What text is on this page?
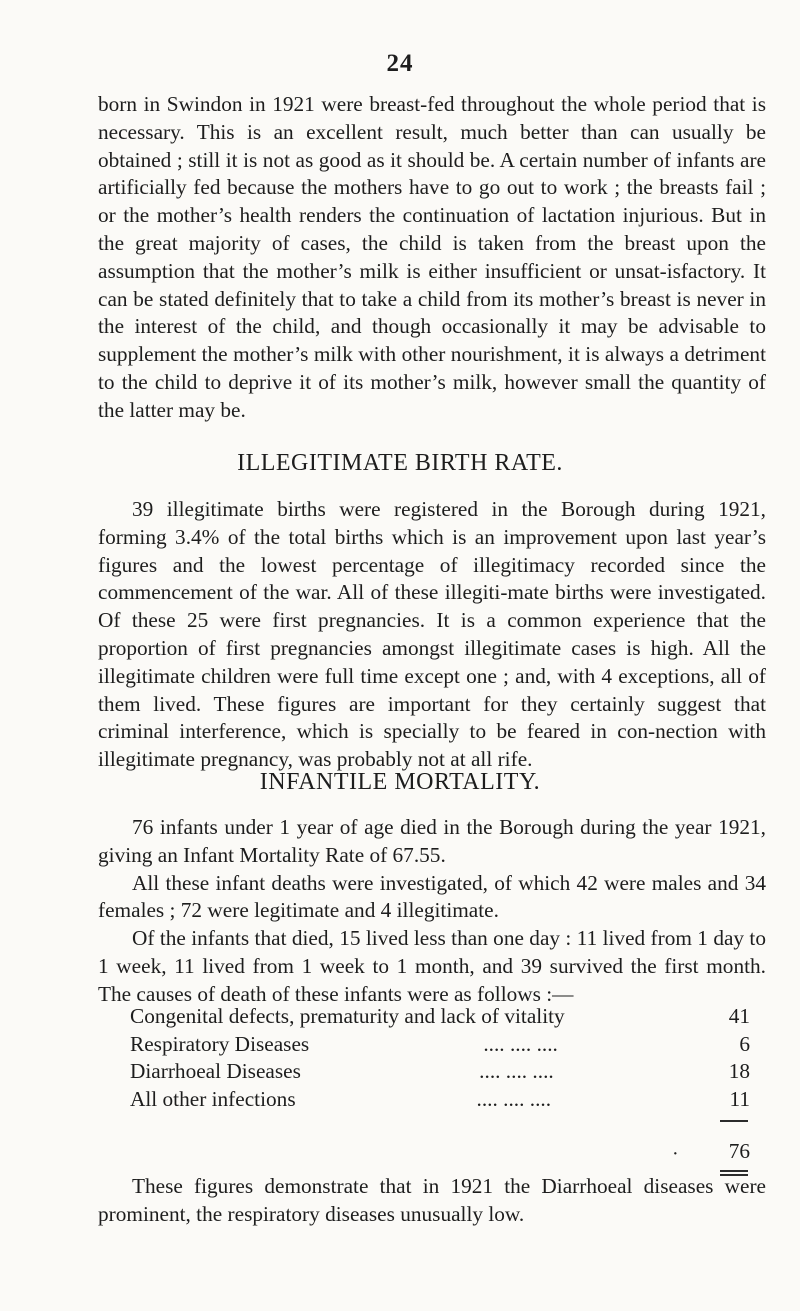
24

born in Swindon in 1921 were breast-fed throughout the whole period that is necessary. This is an excellent result, much better than can usually be obtained ; still it is not as good as it should be. A certain number of infants are artificially fed because the mothers have to go out to work ; the breasts fail ; or the mother’s health renders the continuation of lactation injurious. But in the great majority of cases, the child is taken from the breast upon the assumption that the mother’s milk is either insufficient or unsat-isfactory. It can be stated definitely that to take a child from its mother’s breast is never in the interest of the child, and though occasionally it may be advisable to supplement the mother’s milk with other nourishment, it is always a detriment to the child to deprive it of its mother’s milk, however small the quantity of the latter may be.

ILLEGITIMATE BIRTH RATE.

39 illegitimate births were registered in the Borough during 1921, forming 3.4% of the total births which is an improvement upon last year’s figures and the lowest percentage of illegitimacy recorded since the commencement of the war. All of these illegiti-mate births were investigated. Of these 25 were first pregnancies. It is a common experience that the proportion of first pregnancies amongst illegitimate cases is high. All the illegitimate children were full time except one ; and, with 4 exceptions, all of them lived. These figures are important for they certainly suggest that criminal interference, which is specially to be feared in con-nection with illegitimate pregnancy, was probably not at all rife.

INFANTILE MORTALITY.

76 infants under 1 year of age died in the Borough during the year 1921, giving an Infant Mortality Rate of 67.55.

All these infant deaths were investigated, of which 42 were males and 34 females ; 72 were legitimate and 4 illegitimate.

Of the infants that died, 15 lived less than one day : 11 lived from 1 day to 1 week, 11 lived from 1 week to 1 month, and 39 survived the first month. The causes of death of these infants were as follows :—

Congenital defects, prematurity and lack of vitality	41
Respiratory Diseases	.... .... ....	6
Diarrhoeal Diseases	.... .... ....	18
All other infections	.... .... ....	11
·	76

These figures demonstrate that in 1921 the Diarrhoeal diseases were prominent, the respiratory diseases unusually low.
